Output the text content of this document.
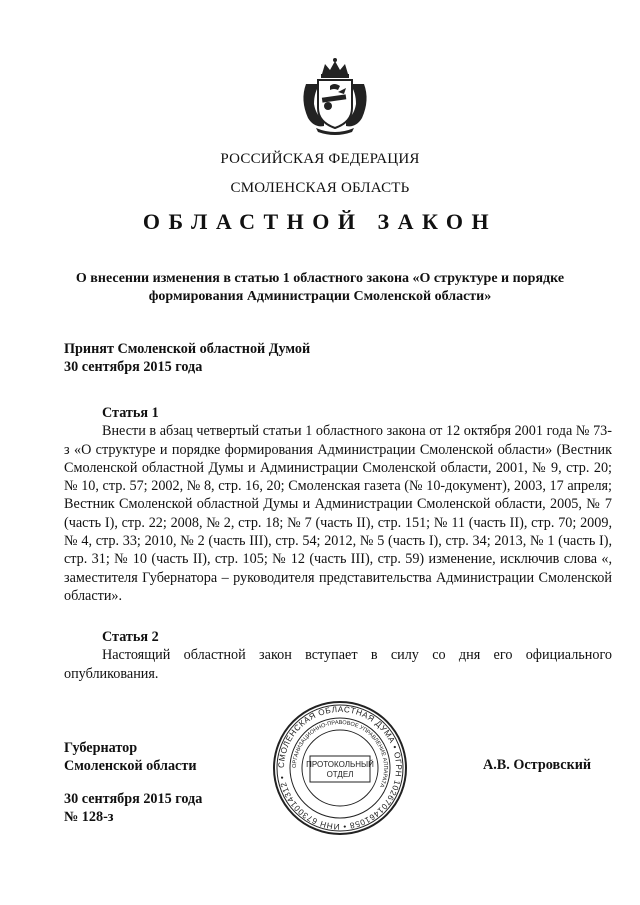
РОССИЙСКАЯ ФЕДЕРАЦИЯ
СМОЛЕНСКАЯ ОБЛАСТЬ
ОБЛАСТНОЙ ЗАКОН
О внесении изменения в статью 1 областного закона «О структуре и порядке
формирования Администрации Смоленской области»
Принят Смоленской областной Думой
30 сентября 2015 года
Статья 1

Внести в абзац четвертый статьи 1 областного закона от 12 октября 2001 года № 73-з «О структуре и порядке формирования Администрации Смоленской области» (Вестник Смоленской областной Думы и Администрации Смоленской области, 2001, № 9, стр. 20; № 10, стр. 57; 2002, № 8, стр. 16, 20; Смоленская газета (№ 10-документ), 2003, 17 апреля; Вестник Смоленской областной Думы и Администрации Смоленской области, 2005, № 7 (часть I), стр. 22; 2008, № 2, стр. 18; № 7 (часть II), стр. 151; № 11 (часть II), стр. 70; 2009, № 4, стр. 33; 2010, № 2 (часть III), стр. 54; 2012, № 5 (часть I), стр. 34; 2013, № 1 (часть I), стр. 31; № 10 (часть II), стр. 105; № 12 (часть III), стр. 59) изменение, исключив слова «, заместителя Губернатора – руководителя представительства Администрации Смоленской области».

Статья 2

Настоящий областной закон вступает в силу со дня его официального опубликования.

Губернатор
Смоленской области	А.В. Островский
30 сентября 2015 года
№ 128-з
СМОЛЕНСКАЯ ОБЛАСТНАЯ ДУМА • ОГРН 1026701461058 • ИНН 6730014312 •
ОРГАНИЗАЦИОННО-ПРАВОВОЕ УПРАВЛЕНИЕ АППАРАТА
ПРОТОКОЛЬНЫЙ
ОТДЕЛ
